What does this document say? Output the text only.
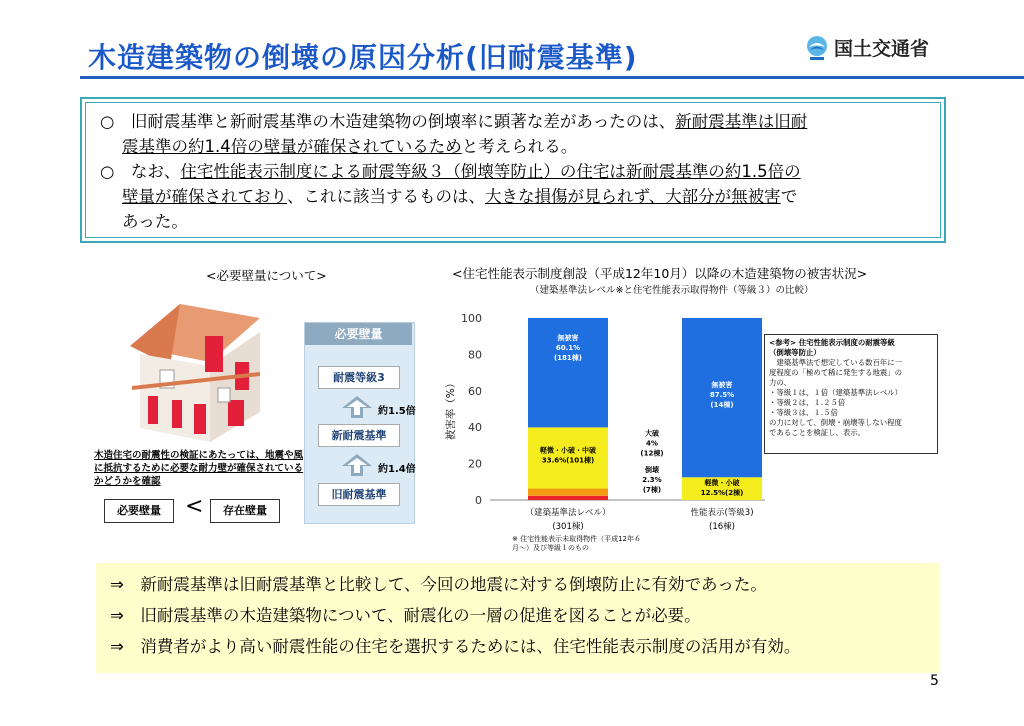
木造建築物の倒壊の原因分析(旧耐震基準)	国土交通省

○　旧耐震基準と新耐震基準の木造建築物の倒壊率に顕著な差があったのは、新耐震基準は旧耐
震基準の約1.4倍の壁量が確保されているためと考えられる。

○　なお、住宅性能表示制度による耐震等級３（倒壊等防止）の住宅は新耐震基準の約1.5倍の
壁量が確保されており、これに該当するものは、大きな損傷が見られず、大部分が無被害で
あった。

<必要壁量について>
木造住宅の耐震性の検証にあたっては、地震や風に抵抗するために必要な耐力壁が確保されているかどうかを確認
必要壁量	<	存在壁量
必要壁量
耐震等級3
約1.5倍
新耐震基準
約1.4倍
旧耐震基準
<住宅性能表示制度創設（平成12年10月）以降の木造建築物の被害状況>
（建築基準法レベル※と住宅性能表示取得物件（等級３）の比較）
0
20
40
60
80
100
被害率（%）
（建築基準法レベル）
(301棟)
性能表示(等級3)
(16棟)
無被害
60.1%
(181棟)
無被害
87.5%
(14棟)
軽微・小破・中破
33.6%(101棟)
軽微・小破
12.5%(2棟)
大破
4%
(12棟)
倒壊
2.3%
(7棟)
※ 住宅性能表示未取得物件（平成12年６月〜）及び等級１のもの
<参考> 住宅性能表示制度の耐震等級
（倒壊等防止）
　建築基準法で想定している数百年に一
度程度の「極めて稀に発生する地震」の
力の、
・等級１は、１倍（建築基準法レベル）
・等級２は、１.２５倍
・等級３は、１.５倍
の力に対して、倒壊・崩壊等しない程度
であることを検証し、表示。
⇒　新耐震基準は旧耐震基準と比較して、今回の地震に対する倒壊防止に有効であった。
⇒　旧耐震基準の木造建築物について、耐震化の一層の促進を図ることが必要。
⇒　消費者がより高い耐震性能の住宅を選択するためには、住宅性能表示制度の活用が有効。
5
